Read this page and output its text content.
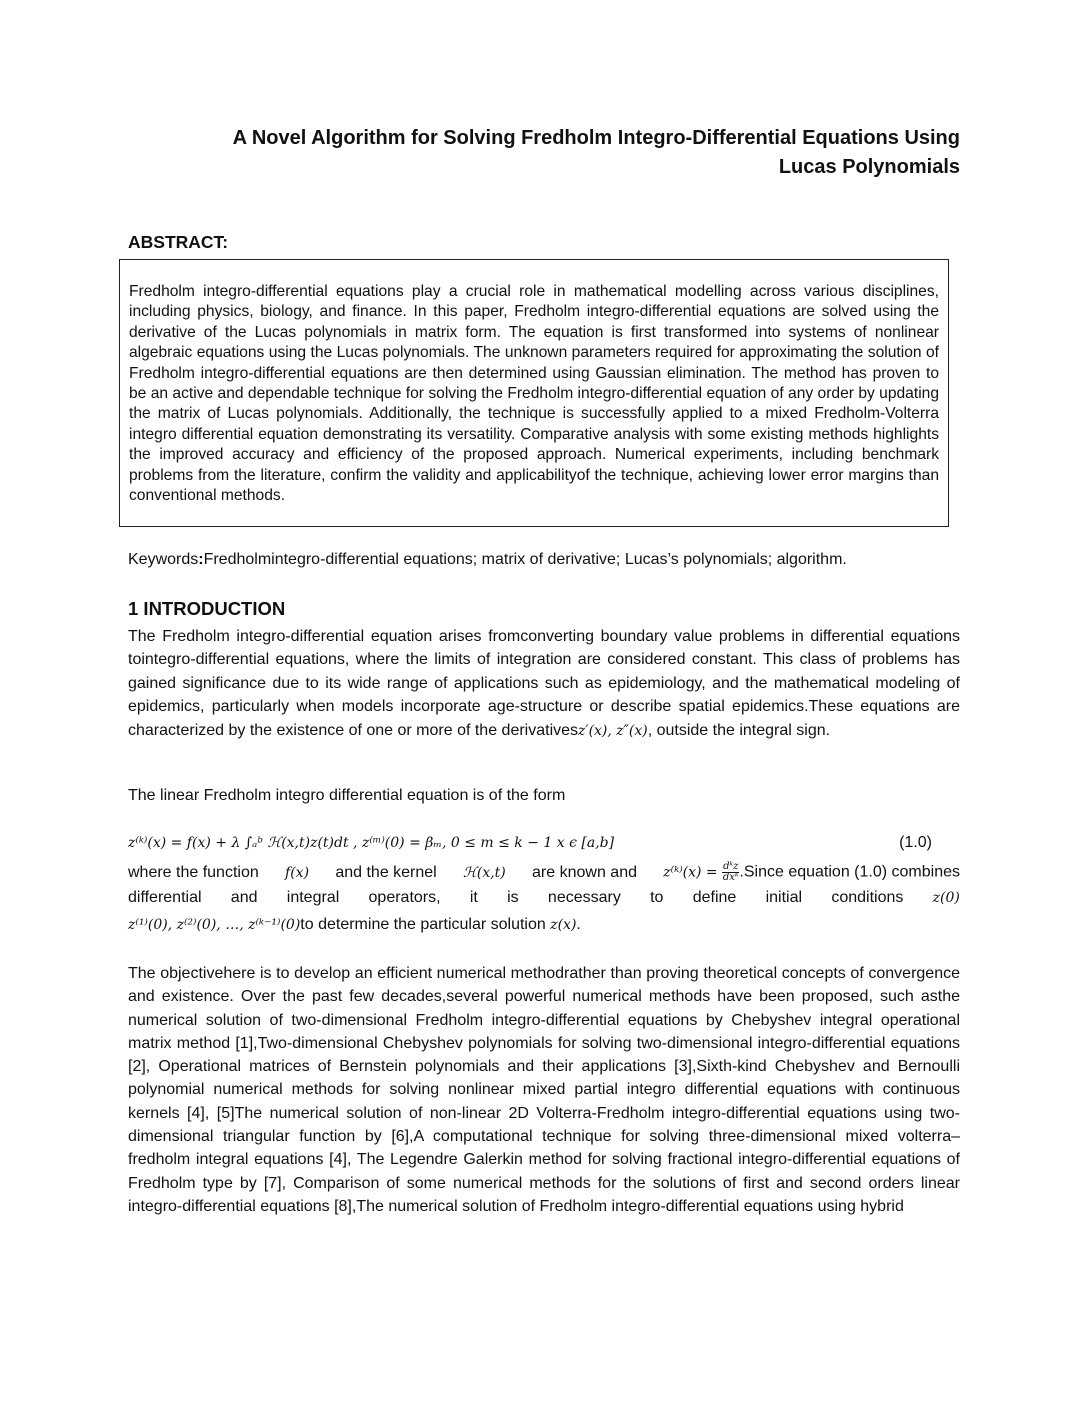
A Novel Algorithm for Solving Fredholm Integro-Differential Equations Using
Lucas Polynomials
ABSTRACT:
Fredholm integro-differential equations play a crucial role in mathematical modelling across various disciplines, including physics, biology, and finance. In this paper, Fredholm integro-differential equations are solved using the derivative of the Lucas polynomials in matrix form. The equation is first transformed into systems of nonlinear algebraic equations using the Lucas polynomials. The unknown parameters required for approximating the solution of Fredholm integro-differential equations are then determined using Gaussian elimination. The method has proven to be an active and dependable technique for solving the Fredholm integro-differential equation of any order by updating the matrix of Lucas polynomials. Additionally, the technique is successfully applied to a mixed Fredholm-Volterra integro differential equation demonstrating its versatility. Comparative analysis with some existing methods highlights the improved accuracy and efficiency of the proposed approach. Numerical experiments, including benchmark problems from the literature, confirm the validity and applicabilityof the technique, achieving lower error margins than conventional methods.
Keywords:Fredholmintegro-differential equations; matrix of derivative; Lucas’s polynomials; algorithm.
1 INTRODUCTION
The Fredholm integro-differential equation arises fromconverting boundary value problems in differential equations tointegro-differential equations, where the limits of integration are considered constant. This class of problems has gained significance due to its wide range of applications such as epidemiology, and the mathematical modeling of epidemics, particularly when models incorporate age-structure or describe spatial epidemics.These equations are characterized by the existence of one or more of the derivativesz′(x), z″(x), outside the integral sign.
The linear Fredholm integro differential equation is of the form
z⁽ᵏ⁾(x) = f(x) + λ ∫ₐᵇ ℋ(x,t)z(t)dt , z⁽ᵐ⁾(0) = βₘ, 0 ≤ m ≤ k − 1 x ϵ [a,b]	(1.0)
where the function f(x) and the kernel ℋ(x,t) are known and z⁽ᵏ⁾(x) = $\frac{\text{dᵏz}}{\text{dxᵏ}}$ .Since equation (1.0) combines
differential and integral operators, it is necessary to define initial conditions z(0)
z⁽¹⁾(0), z⁽²⁾(0), …, z⁽ᵏ⁻¹⁾(0) to determine the particular solution
z(x) .
The objectivehere is to develop an efficient numerical methodrather than proving theoretical concepts of convergence and existence. Over the past few decades,several powerful numerical methods have been proposed, such asthe numerical solution of two-dimensional Fredholm integro-differential equations by Chebyshev integral operational matrix method [1],Two-dimensional Chebyshev polynomials for solving two-dimensional integro-differential equations [2], Operational matrices of Bernstein polynomials and their applications [3],Sixth-kind Chebyshev and Bernoulli polynomial numerical methods for solving nonlinear mixed partial integro differential equations with continuous kernels [4], [5]The numerical solution of non-linear 2D Volterra-Fredholm integro-differential equations using two-dimensional triangular function by [6],A computational technique for solving three-dimensional mixed volterra–fredholm integral equations [4], The Legendre Galerkin method for solving fractional integro-differential equations of Fredholm type by [7], Comparison of some numerical methods for the solutions of first and second orders linear integro-differential equations [8],The numerical solution of Fredholm integro-differential equations using hybrid
